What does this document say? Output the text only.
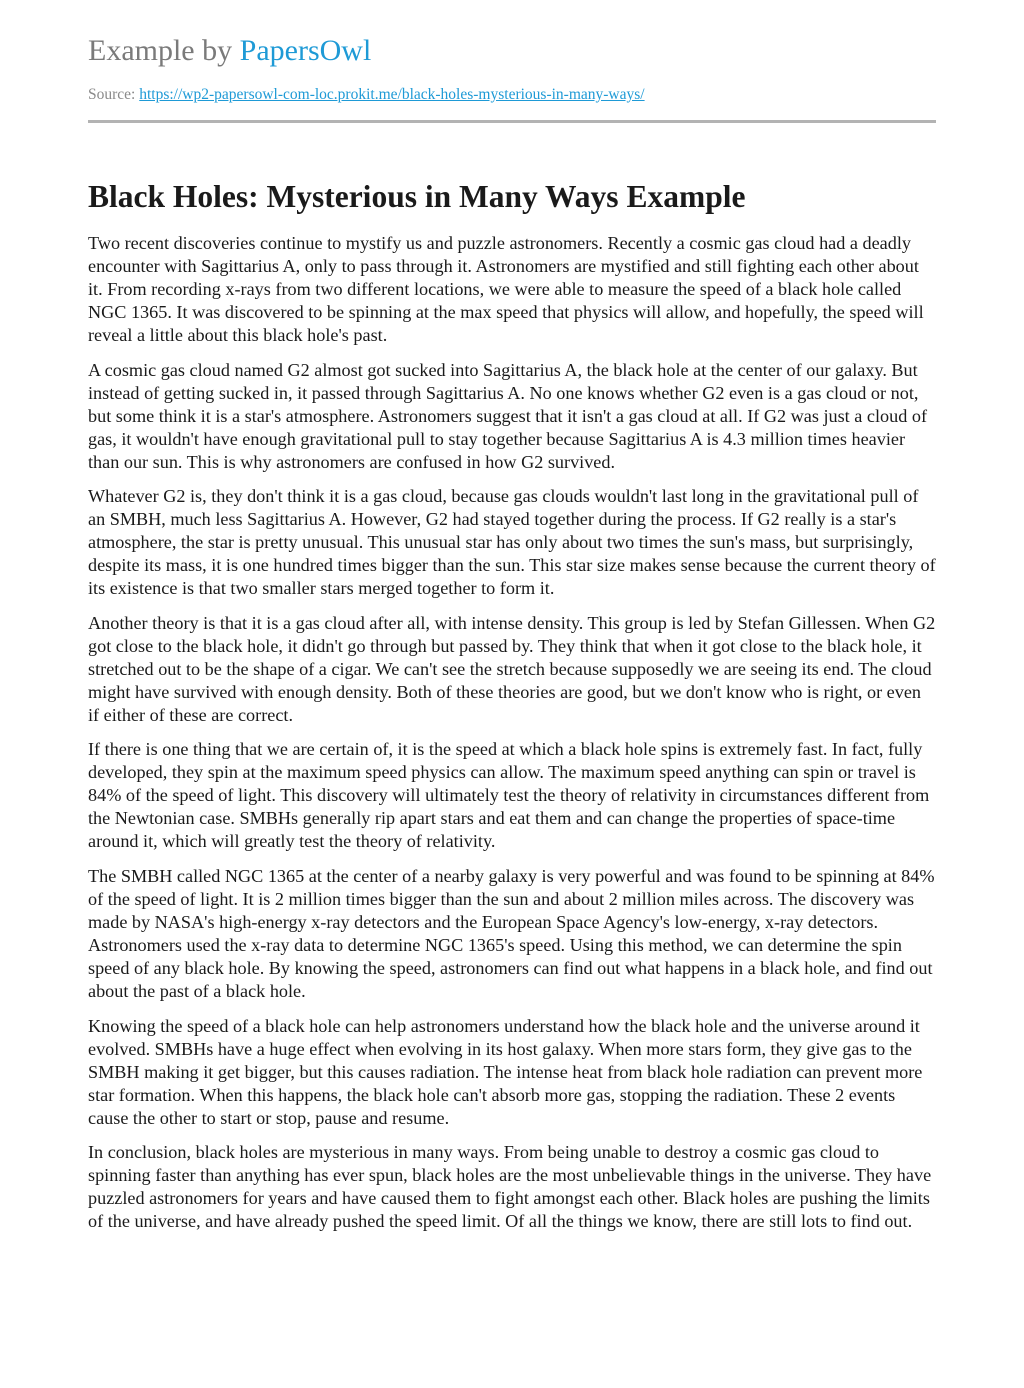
Example by PapersOwl
Source: https://wp2-papersowl-com-loc.prokit.me/black-holes-mysterious-in-many-ways/
Black Holes: Mysterious in Many Ways Example

Two recent discoveries continue to mystify us and puzzle astronomers. Recently a cosmic gas cloud had a deadly encounter with Sagittarius A, only to pass through it. Astronomers are mystified and still fighting each other about it. From recording x-rays from two different locations, we were able to measure the speed of a black hole called NGC 1365. It was discovered to be spinning at the max speed that physics will allow, and hopefully, the speed will reveal a little about this black hole's past.

A cosmic gas cloud named G2 almost got sucked into Sagittarius A, the black hole at the center of our galaxy. But instead of getting sucked in, it passed through Sagittarius A. No one knows whether G2 even is a gas cloud or not, but some think it is a star's atmosphere. Astronomers suggest that it isn't a gas cloud at all. If G2 was just a cloud of gas, it wouldn't have enough gravitational pull to stay together because Sagittarius A is 4.3 million times heavier than our sun. This is why astronomers are confused in how G2 survived.

Whatever G2 is, they don't think it is a gas cloud, because gas clouds wouldn't last long in the gravitational pull of an SMBH, much less Sagittarius A. However, G2 had stayed together during the process. If G2 really is a star's atmosphere, the star is pretty unusual. This unusual star has only about two times the sun's mass, but surprisingly, despite its mass, it is one hundred times bigger than the sun. This star size makes sense because the current theory of its existence is that two smaller stars merged together to form it.

Another theory is that it is a gas cloud after all, with intense density. This group is led by Stefan Gillessen. When G2 got close to the black hole, it didn't go through but passed by. They think that when it got close to the black hole, it stretched out to be the shape of a cigar. We can't see the stretch because supposedly we are seeing its end. The cloud might have survived with enough density. Both of these theories are good, but we don't know who is right, or even if either of these are correct.

If there is one thing that we are certain of, it is the speed at which a black hole spins is extremely fast. In fact, fully developed, they spin at the maximum speed physics can allow. The maximum speed anything can spin or travel is 84% of the speed of light. This discovery will ultimately test the theory of relativity in circumstances different from the Newtonian case. SMBHs generally rip apart stars and eat them and can change the properties of space-time around it, which will greatly test the theory of relativity.

The SMBH called NGC 1365 at the center of a nearby galaxy is very powerful and was found to be spinning at 84% of the speed of light. It is 2 million times bigger than the sun and about 2 million miles across. The discovery was made by NASA's high-energy x-ray detectors and the European Space Agency's low-energy, x-ray detectors. Astronomers used the x-ray data to determine NGC 1365's speed. Using this method, we can determine the spin speed of any black hole. By knowing the speed, astronomers can find out what happens in a black hole, and find out about the past of a black hole.

Knowing the speed of a black hole can help astronomers understand how the black hole and the universe around it evolved. SMBHs have a huge effect when evolving in its host galaxy. When more stars form, they give gas to the SMBH making it get bigger, but this causes radiation. The intense heat from black hole radiation can prevent more star formation. When this happens, the black hole can't absorb more gas, stopping the radiation. These 2 events cause the other to start or stop, pause and resume.

In conclusion, black holes are mysterious in many ways. From being unable to destroy a cosmic gas cloud to spinning faster than anything has ever spun, black holes are the most unbelievable things in the universe. They have puzzled astronomers for years and have caused them to fight amongst each other. Black holes are pushing the limits of the universe, and have already pushed the speed limit. Of all the things we know, there are still lots to find out.
